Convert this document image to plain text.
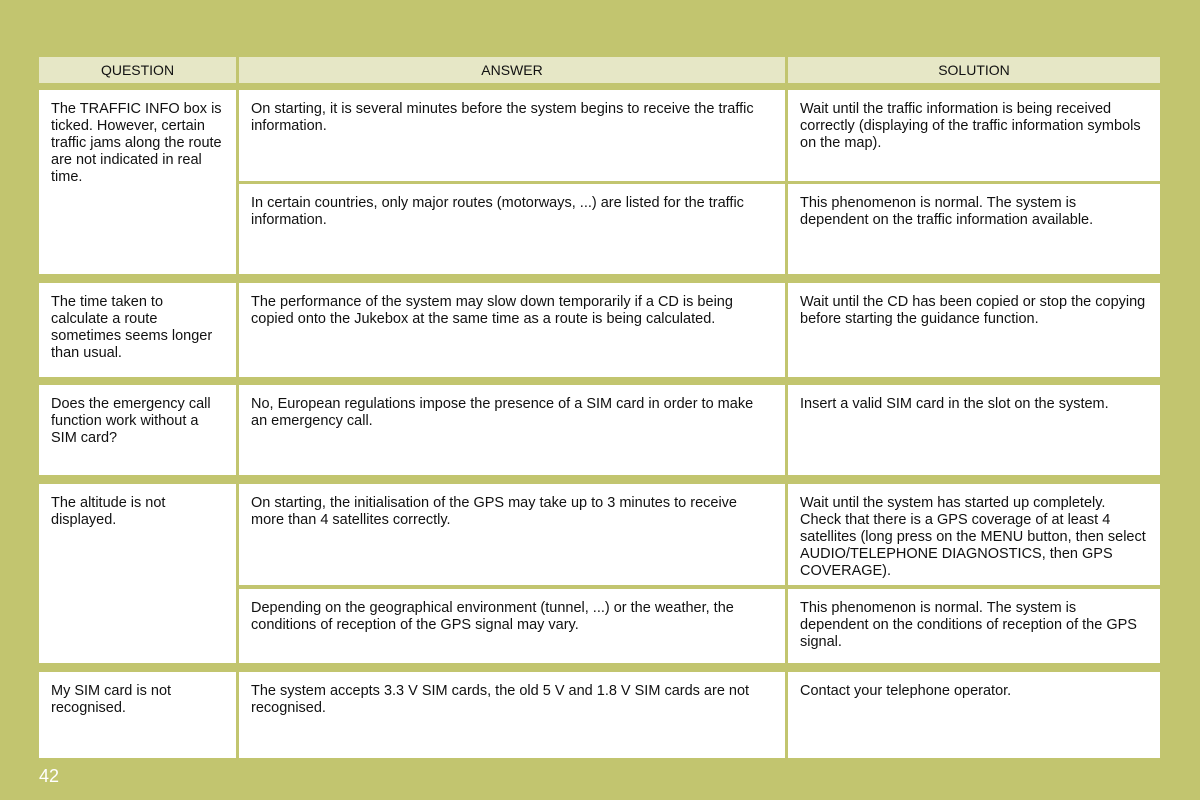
QUESTION	ANSWER	SOLUTION
The TRAFFIC INFO box is ticked. However, certain traffic jams along the route are not indicated in real time.
On starting, it is several minutes before the system begins to receive the traffic information.
Wait until the traffic information is being received correctly (displaying of the traffic information symbols on the map).
In certain countries, only major routes (motorways, ...) are listed for the traffic information.
This phenomenon is normal. The system is dependent on the traffic information available.
The time taken to calculate a route sometimes seems longer than usual.
The performance of the system may slow down temporarily if a CD is being copied onto the Jukebox at the same time as a route is being calculated.
Wait until the CD has been copied or stop the copying before starting the guidance function.
Does the emergency call function work without a SIM card?
No, European regulations impose the presence of a SIM card in order to make an emergency call.
Insert a valid SIM card in the slot on the system.
The altitude is not displayed.
On starting, the initialisation of the GPS may take up to 3 minutes to receive more than 4 satellites correctly.
Wait until the system has started up completely. Check that there is a GPS coverage of at least 4 satellites (long press on the MENU button, then select AUDIO/TELEPHONE DIAGNOSTICS, then GPS COVERAGE).
Depending on the geographical environment (tunnel, ...) or the weather, the conditions of reception of the GPS signal may vary.
This phenomenon is normal. The system is dependent on the conditions of reception of the GPS signal.
My SIM card is not recognised.
The system accepts 3.3 V SIM cards, the old 5 V and 1.8 V SIM cards are not recognised.
Contact your telephone operator.
42
